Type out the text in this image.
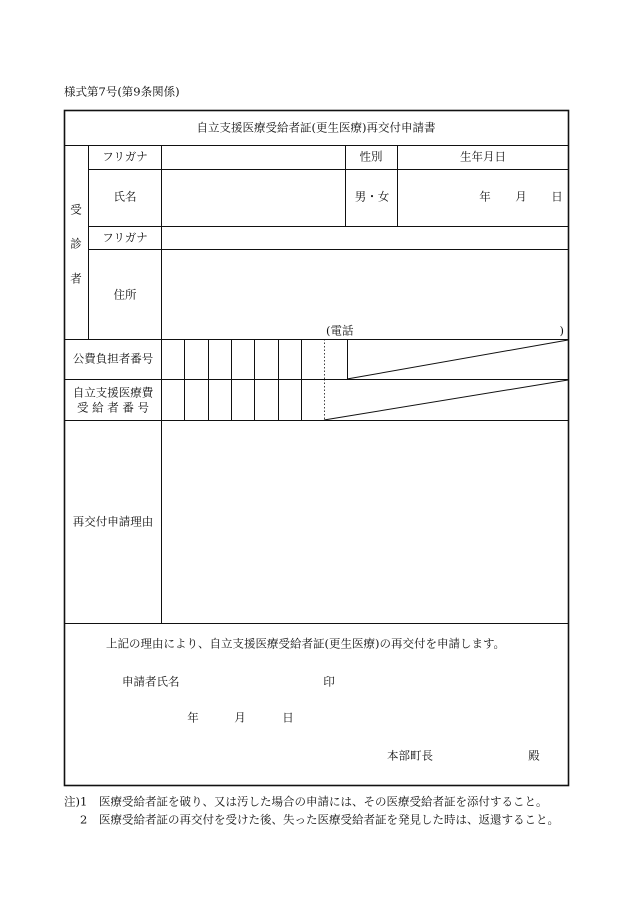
様式第7号(第9条関係)
自立支援医療受給者証(更生医療)再交付申請書
受
診
者
フリガナ	性別	生年月日
氏名	男・女	年 月 日
フリガナ
住所
(電話	)
公費負担者番号
自立支援医療費
受 給 者 番 号
再交付申請理由
上記の理由により、自立支援医療受給者証(更生医療)の再交付を申請します。
申請者氏名	印
年	月	日
本部町長	殿
注)1 医療受給者証を破り、又は汚した場合の申請には、その医療受給者証を添付すること。
2 医療受給者証の再交付を受けた後、失った医療受給者証を発見した時は、返還すること。
